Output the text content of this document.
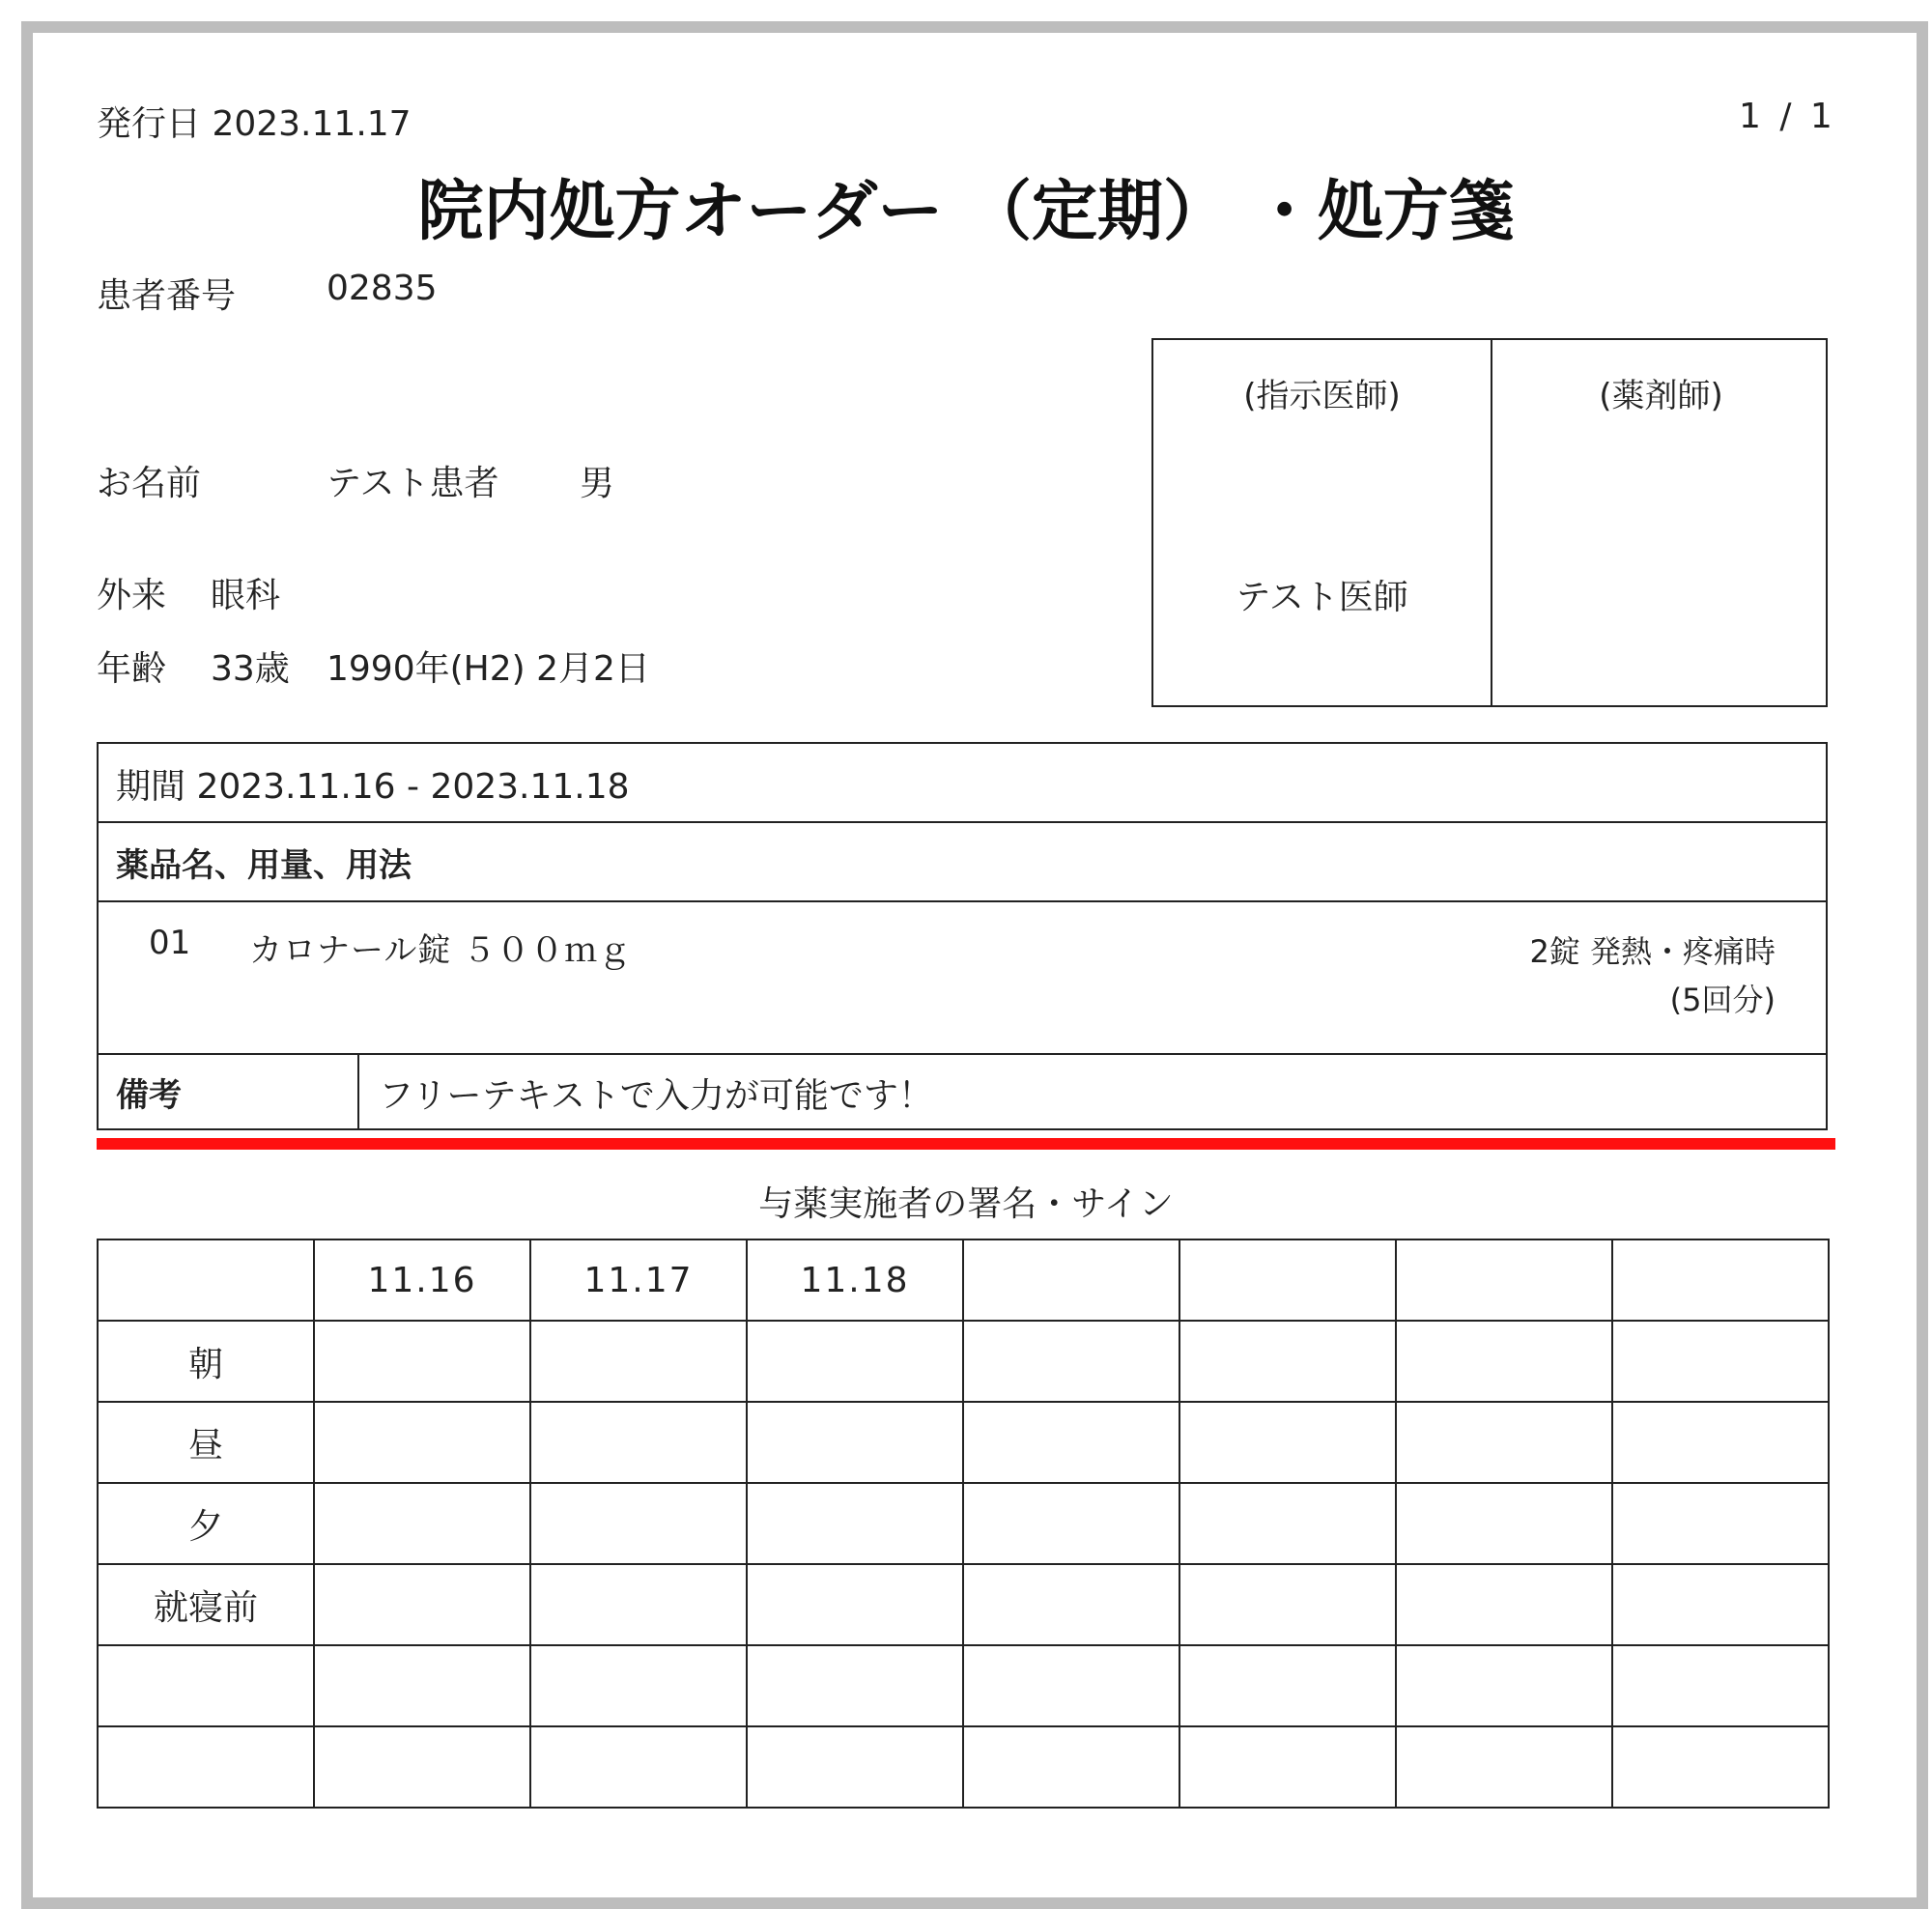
発行日 2023.11.17	1 / 1
院内処方オーダー （定期） ・処方箋
患者番号	02835
お名前	テスト患者 男
外来 眼科
年齢 33歳 1990年(H2) 2月2日
(指示医師)	(薬剤師)
テスト医師
期間 2023.11.16 - 2023.11.18
薬品名、用量、用法
01 カロナール錠 ５００ｍｇ	2錠 発熱・疼痛時
(5回分)
備考	フリーテキストで入力が可能です！
与薬実施者の署名・サイン
	11.16	11.17	11.18				
朝							
昼							
夕							
就寝前							
